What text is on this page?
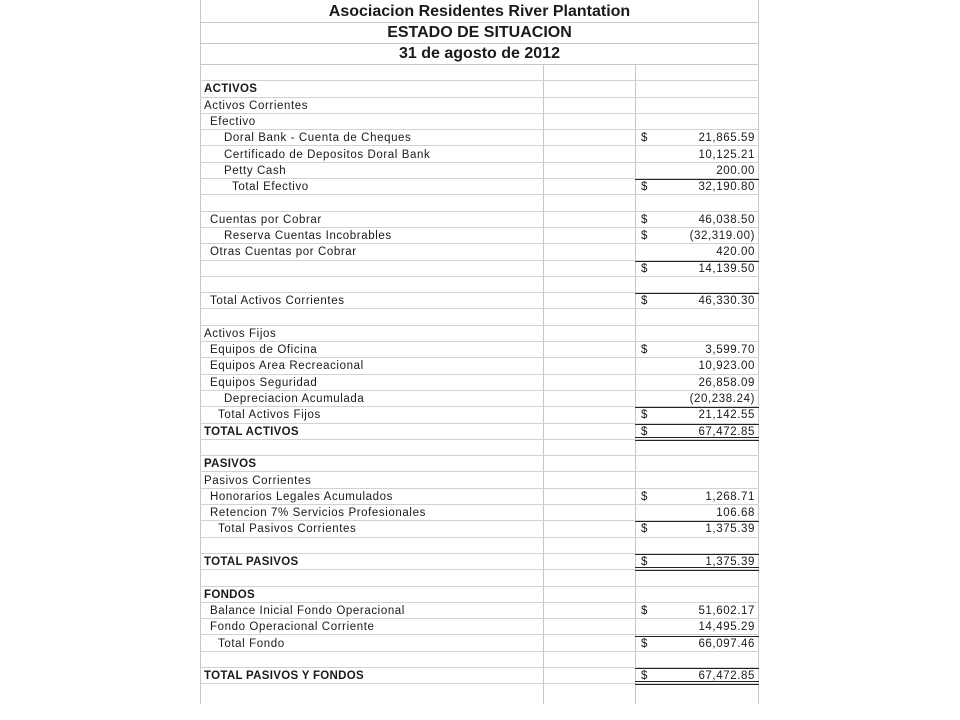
Asociacion Residentes River Plantation
ESTADO DE SITUACION
31 de agosto de 2012
ACTIVOS
Activos Corrientes
Efectivo
Doral Bank - Cuenta de Cheques	$	21,865.59
Certificado de Depositos Doral Bank	10,125.21
Petty Cash	200.00
Total Efectivo	$	32,190.80
Cuentas por Cobrar	$	46,038.50
Reserva Cuentas Incobrables	$	(32,319.00)
Otras Cuentas por Cobrar	420.00
$	14,139.50
Total Activos Corrientes	$	46,330.30
Activos Fijos
Equipos de Oficina	$	3,599.70
Equipos Area Recreacional	10,923.00
Equipos Seguridad	26,858.09
Depreciacion Acumulada	(20,238.24)
Total Activos Fijos	$	21,142.55
TOTAL ACTIVOS	$	67,472.85
PASIVOS
Pasivos Corrientes
Honorarios Legales Acumulados	$	1,268.71
Retencion 7% Servicios Profesionales	106.68
Total Pasivos Corrientes	$	1,375.39
TOTAL PASIVOS	$	1,375.39
FONDOS
Balance Inicial Fondo Operacional	$	51,602.17
Fondo Operacional Corriente	14,495.29
Total Fondo	$	66,097.46
TOTAL PASIVOS Y FONDOS	$	67,472.85
